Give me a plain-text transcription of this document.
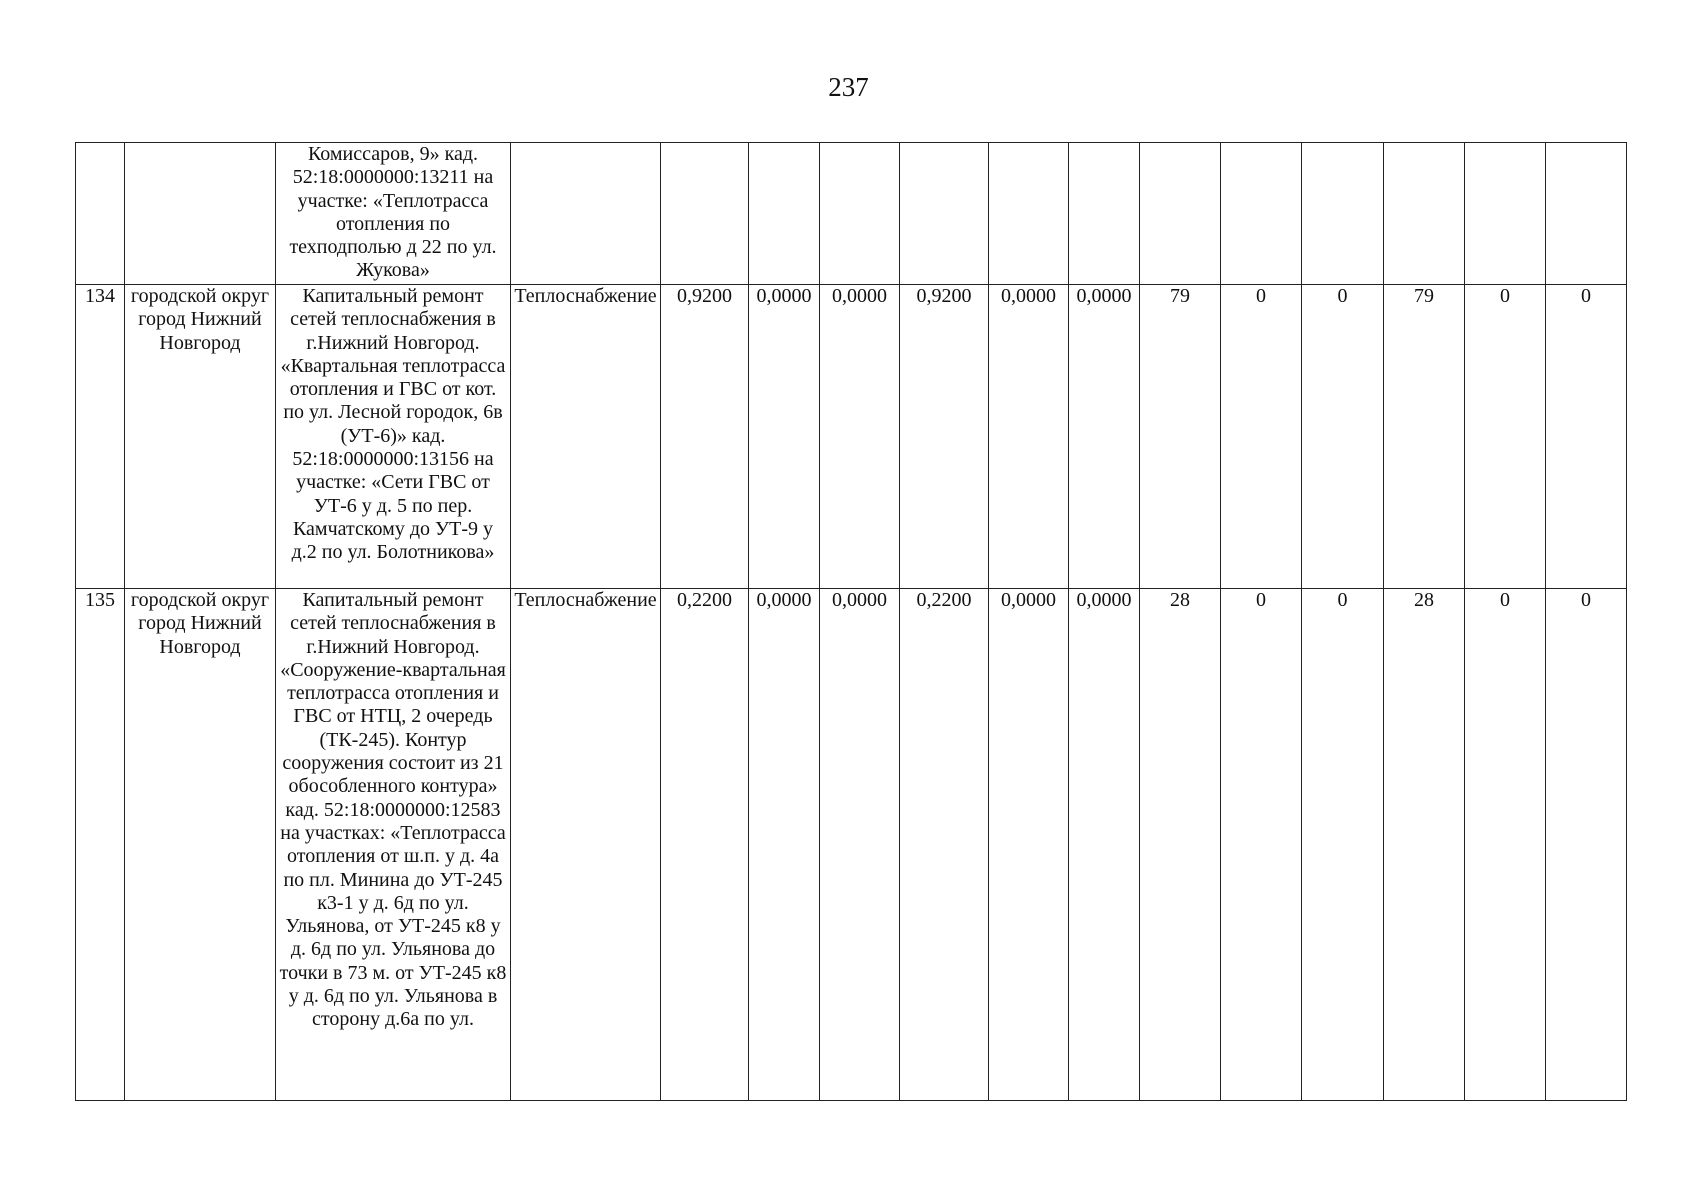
237

		Комиссаров, 9» кад. 52:18:0000000:13211 на участке: «Теплотрасса отопления по техподполью д 22 по ул. Жукова»													

134	городской округ город Нижний Новгород	Капитальный ремонт сетей теплоснабжения в г.Нижний Новгород. «Квартальная теплотрасса отопления и ГВС от кот. по ул. Лесной городок, 6в (УТ-6)» кад. 52:18:0000000:13156 на участке: «Сети ГВС от УТ-6 у д. 5 по пер. Камчатскому до УТ-9 у д.2 по ул. Болотникова»	Теплоснабжение	0,9200	0,0000	0,0000	0,9200	0,0000	0,0000	79	0	0	79	0	0

135	городской округ город Нижний Новгород	Капитальный ремонт сетей теплоснабжения в г.Нижний Новгород. «Сооружение-квартальная теплотрасса отопления и ГВС от НТЦ, 2 очередь (ТК-245). Контур сооружения состоит из 21 обособленного контура» кад. 52:18:0000000:12583 на участках: «Теплотрасса отопления от ш.п. у д. 4а по пл. Минина до УТ-245 к3-1 у д. 6д по ул. Ульянова, от УТ-245 к8 у д. 6д по ул. Ульянова до точки в 73 м. от УТ-245 к8 у д. 6д по ул. Ульянова в сторону д.6а по ул.	Теплоснабжение	0,2200	0,0000	0,0000	0,2200	0,0000	0,0000	28	0	0	28	0	0
